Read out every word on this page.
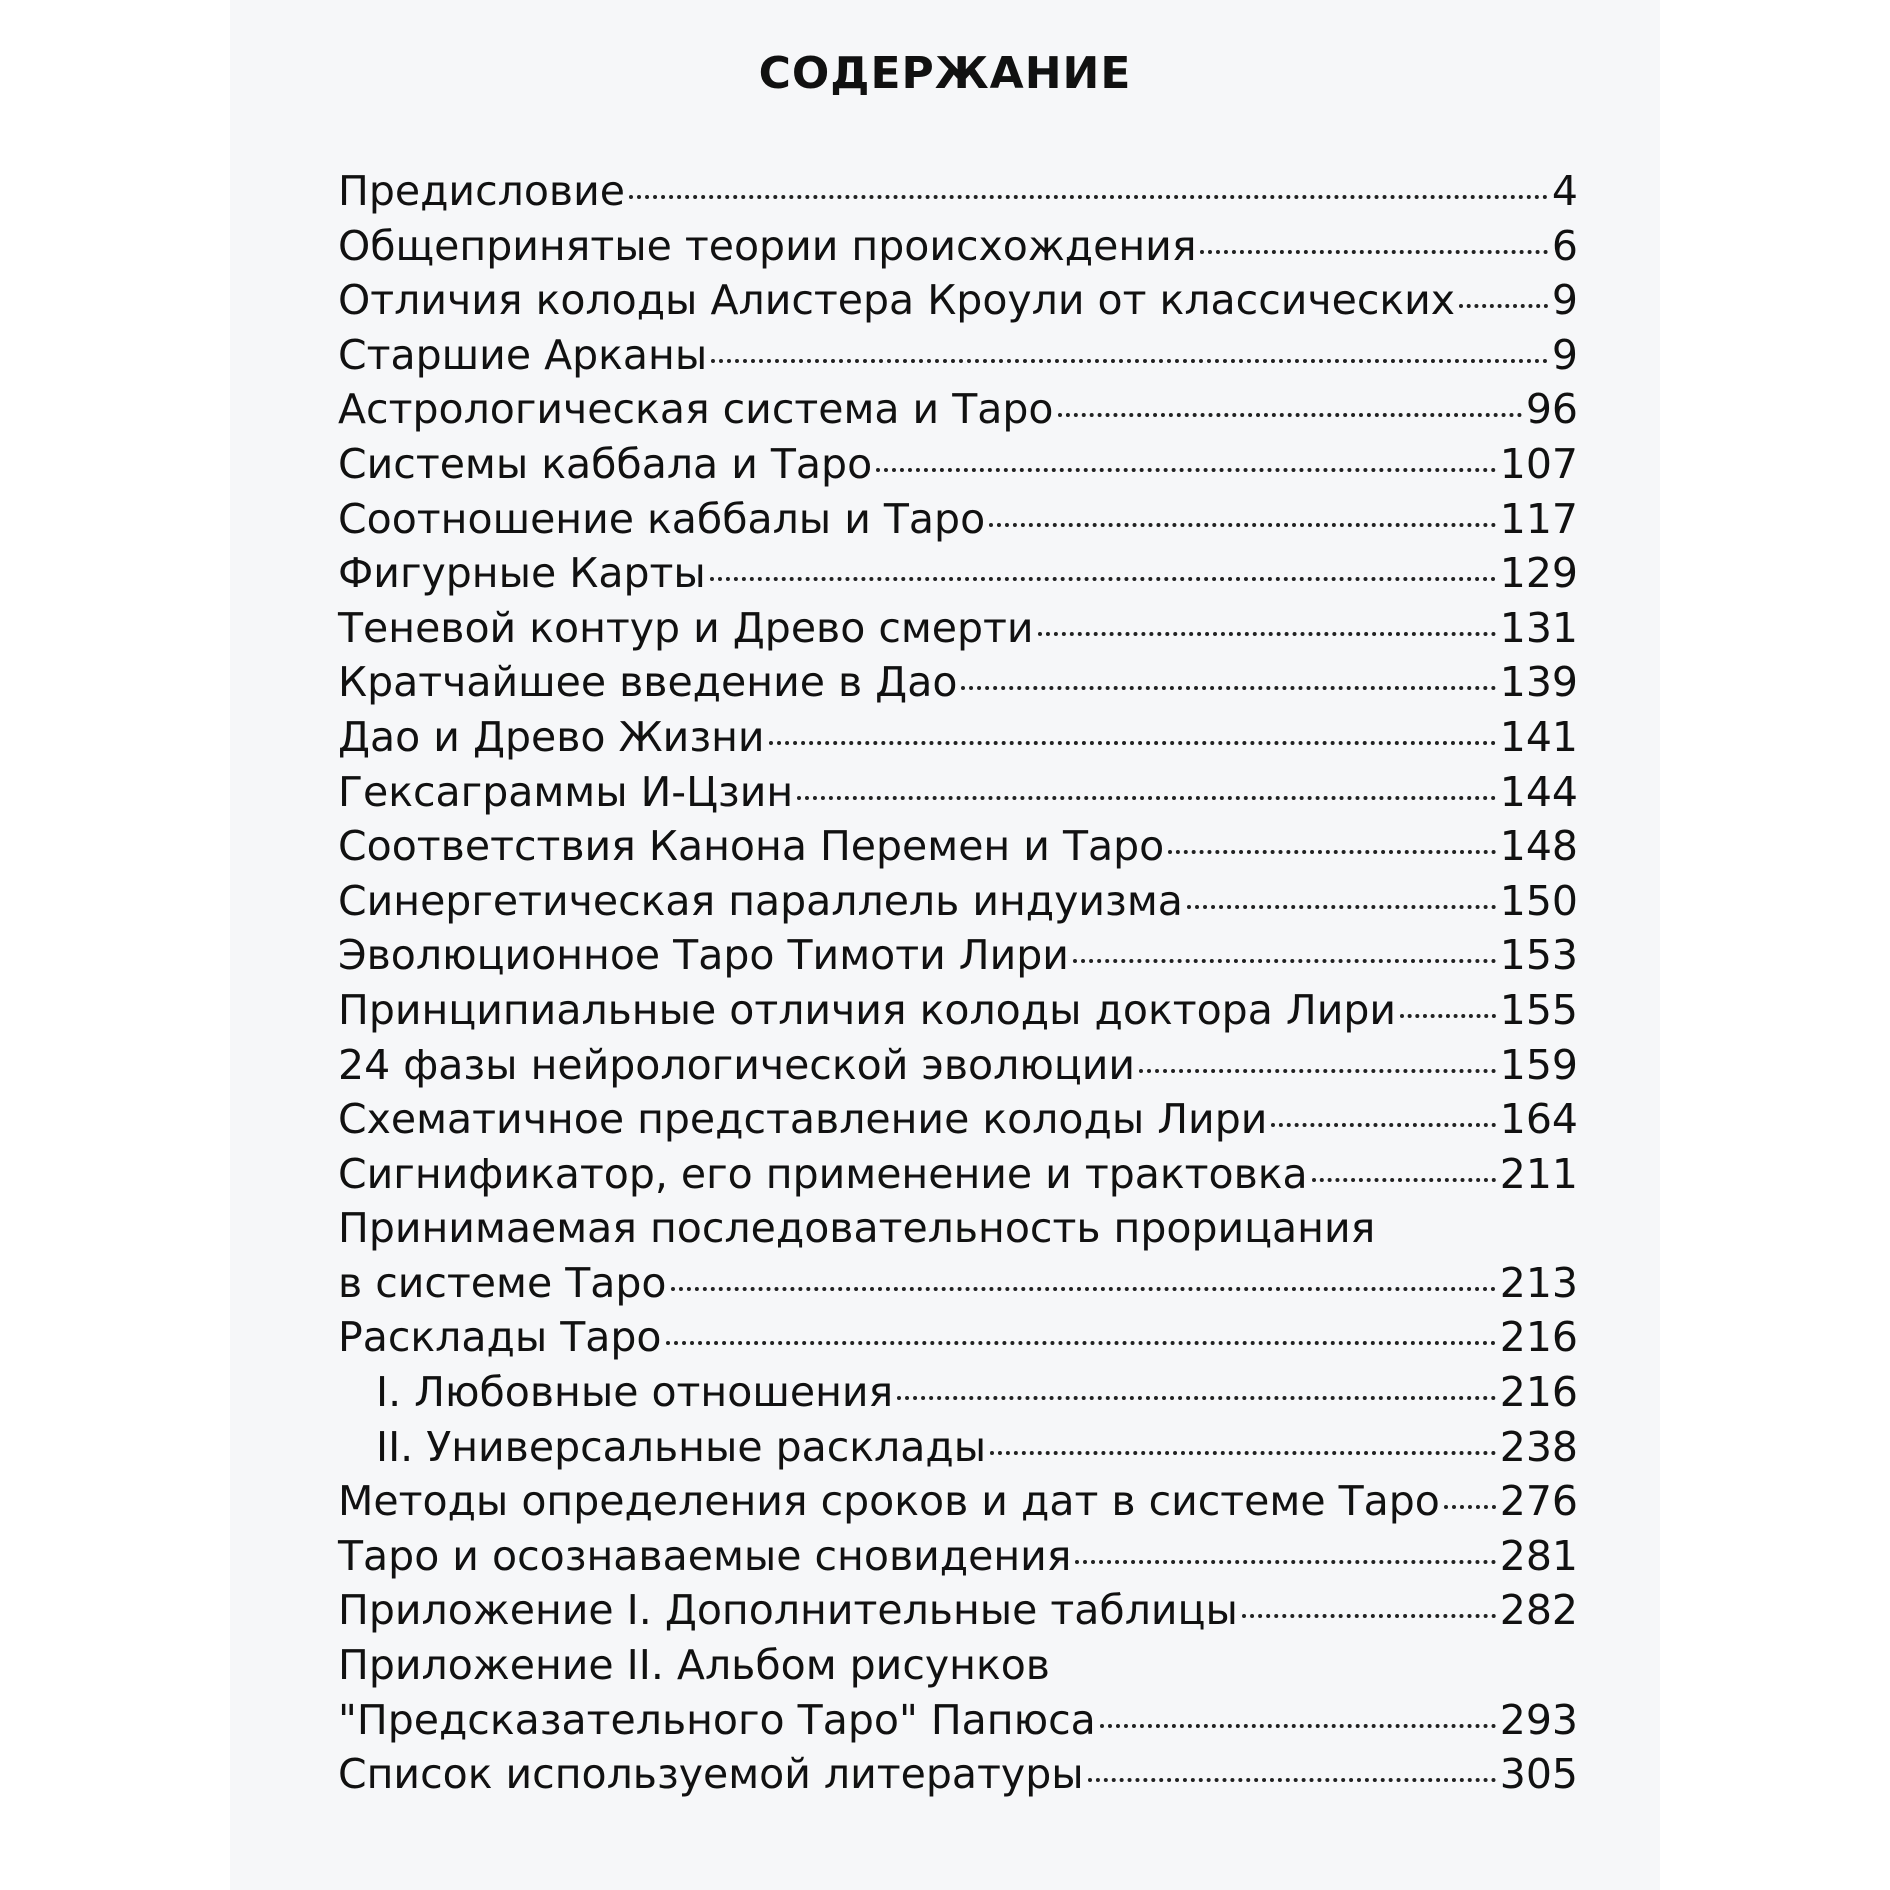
СОДЕРЖАНИЕ
Предисловие	4
Общепринятые теории происхождения	6
Отличия колоды Алистера Кроули от классических 9
Старшие Арканы	9
Астрологическая система и Таро	96
Системы каббала и Таро	107
Соотношение каббалы и Таро	117
Фигурные Карты	129
Теневой контур и Древо смерти	131
Кратчайшее введение в Дао	139
Дао и Древо Жизни	141
Гексаграммы И-Цзин	144
Соответствия Канона Перемен и Таро	148
Синергетическая параллель индуизма	150
Эволюционное Таро Тимоти Лири	153
Принципиальные отличия колоды доктора Лири	155
24 фазы нейрологической эволюции	159
Схематичное представление колоды Лири	164
Сигнификатор, его применение и трактовка	211
Принимаемая последовательность прорицания
в системе Таро	213
Расклады Таро	216
I. Любовные отношения	216
II. Универсальные расклады	238
Методы определения сроков и дат в системе Таро 276
Таро и осознаваемые сновидения	281
Приложение I. Дополнительные таблицы	282
Приложение II. Альбом рисунков
"Предсказательного Таро" Папюса	293
Список используемой литературы	305
